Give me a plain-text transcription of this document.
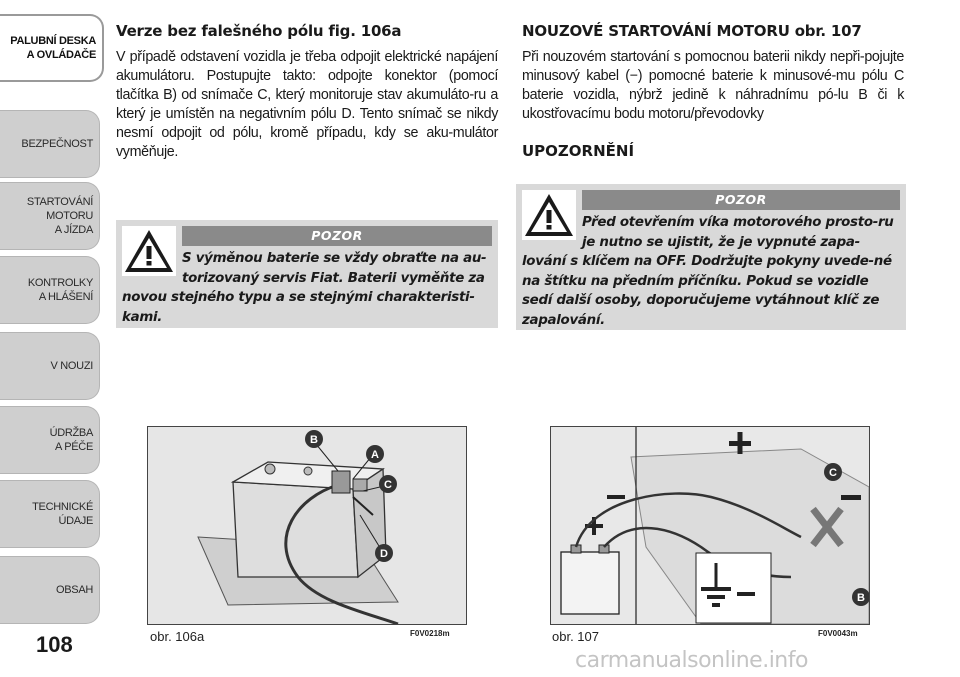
PALUBNÍ DESKA
A OVLÁDAČE
BEZPEČNOST
STARTOVÁNÍ
MOTORU
A JÍZDA
KONTROLKY
A HLÁŠENÍ
V NOUZI
ÚDRŽBA
A PÉČE
TECHNICKÉ
ÚDAJE
OBSAH
108
Verze bez falešného pólu fig. 106a

V případě odstavení vozidla je třeba odpojit elektrické napájení akumulátoru. Postupujte takto: odpojte konektor (pomocí tlačítka B) od snímače C, který monitoruje stav akumuláto-ru a který je umístěn na negativním pólu D. Tento snímač se nikdy nesmí odpojit od pólu, kromě případu, kdy se aku-mulátor vyměňuje.

POZOR
S výměnou baterie se vždy obraťte na au-torizovaný servis Fiat. Baterii vyměňte za novou stejného typu a se stejnými charakteristi-kami.
NOUZOVÉ STARTOVÁNÍ MOTORU obr. 107

Při nouzovém startování s pomocnou baterii nikdy nepři-pojujte minusový kabel (−) pomocné baterie k minusové-mu pólu C baterie vozidla, nýbrž jedině k náhradnímu pó-lu B či k ukostřovacímu bodu motoru/převodovky

UPOZORNĚNÍ
POZOR
Před otevřením víka motorového prosto-ru je nutno se ujistit, že je vypnuté zapa-lování s klíčem na OFF. Dodržujte pokyny uvede-né na štítku na předním příčníku. Pokud se vozidle sedí další osoby, doporučujeme vytáhnout klíč ze zapalování.
B
A
C
D
obr. 106a	F0V0218m
C
B
obr. 107	F0V0043m
carmanualsonline.info
